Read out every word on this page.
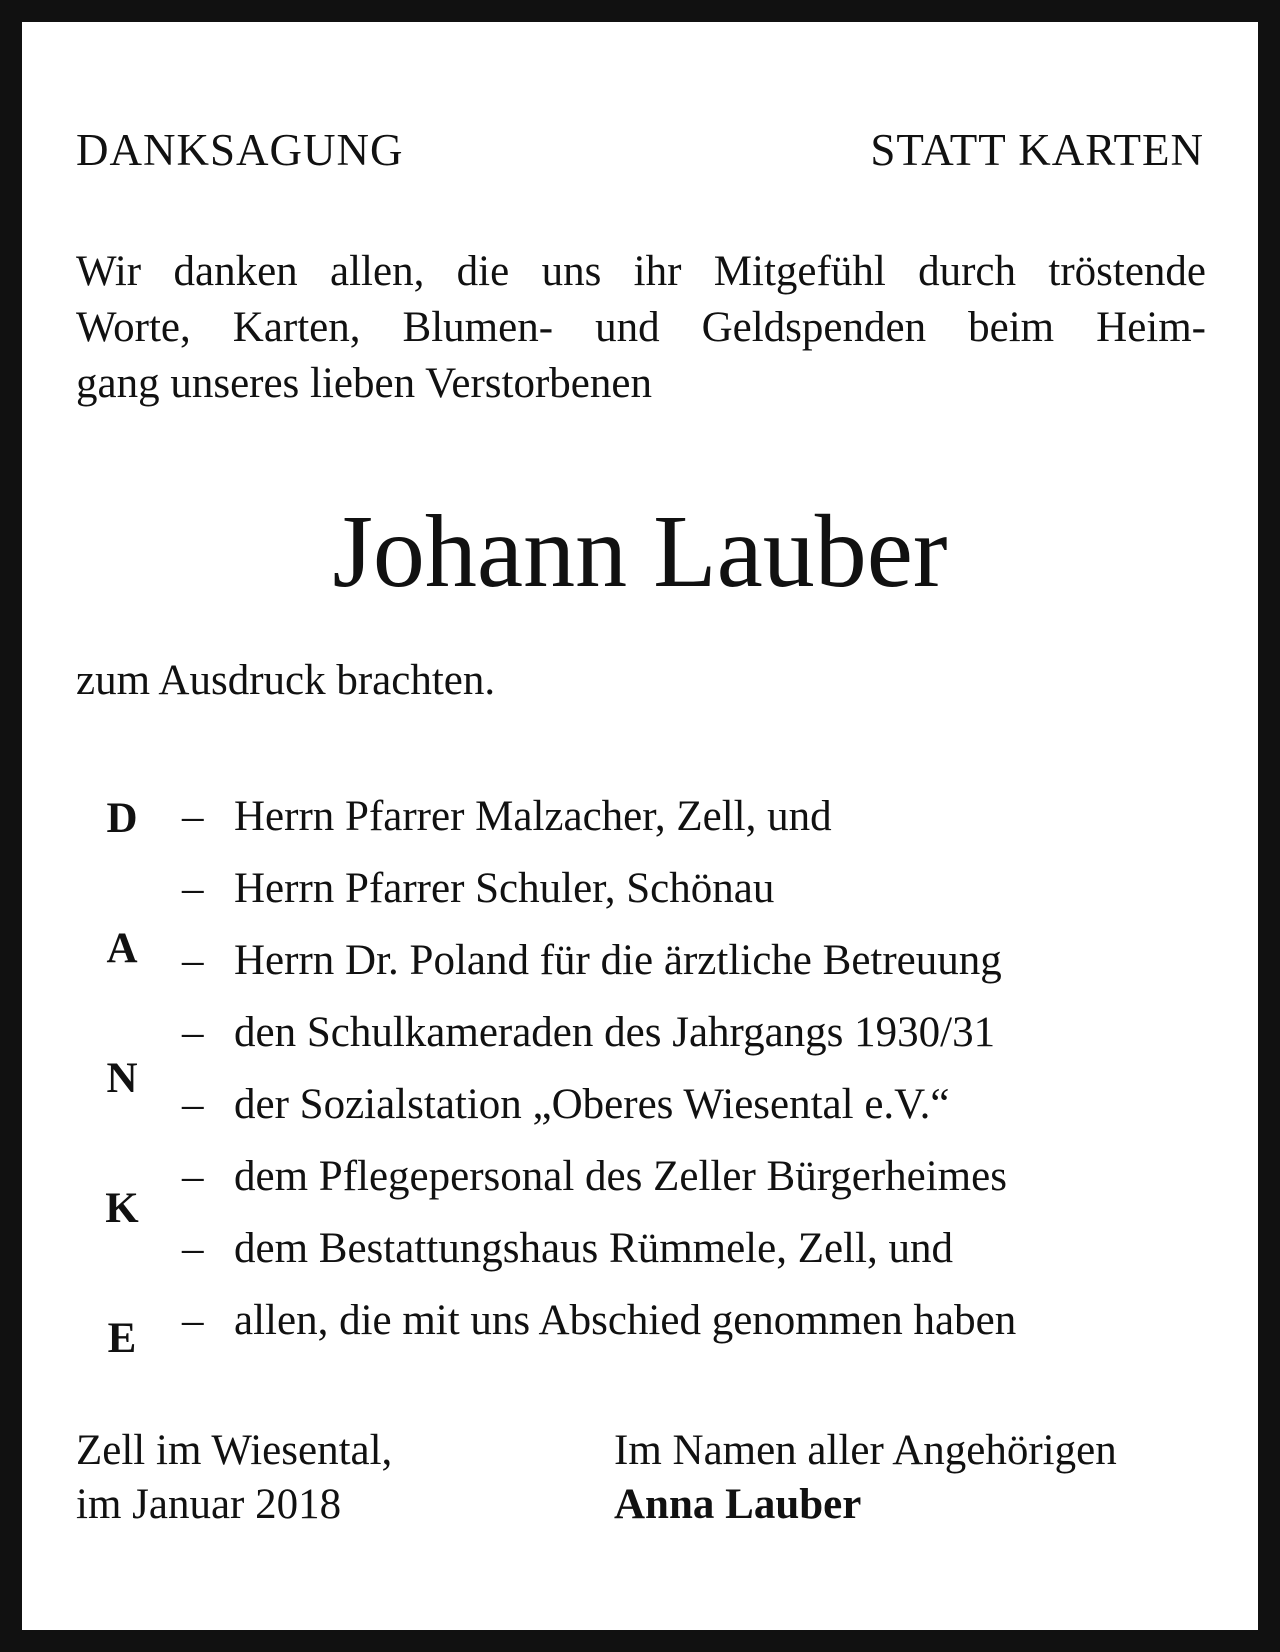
DANKSAGUNG	STATT KARTEN
Wir danken allen, die uns ihr Mitgefühl durch tröstende
Worte, Karten, Blumen- und Geldspenden beim Heim-
gang unseres lieben Verstorbenen
Johann Lauber
zum Ausdruck brachten.
D
A
N
K
E
– Herrn Pfarrer Malzacher, Zell, und
– Herrn Pfarrer Schuler, Schönau
– Herrn Dr. Poland für die ärztliche Betreuung
– den Schulkameraden des Jahrgangs 1930/31
– der Sozialstation „Oberes Wiesental e.V.“
– dem Pflegepersonal des Zeller Bürgerheimes
– dem Bestattungshaus Rümmele, Zell, und
– allen, die mit uns Abschied genommen haben
Zell im Wiesental,
im Januar 2018
Im Namen aller Angehörigen
Anna Lauber
